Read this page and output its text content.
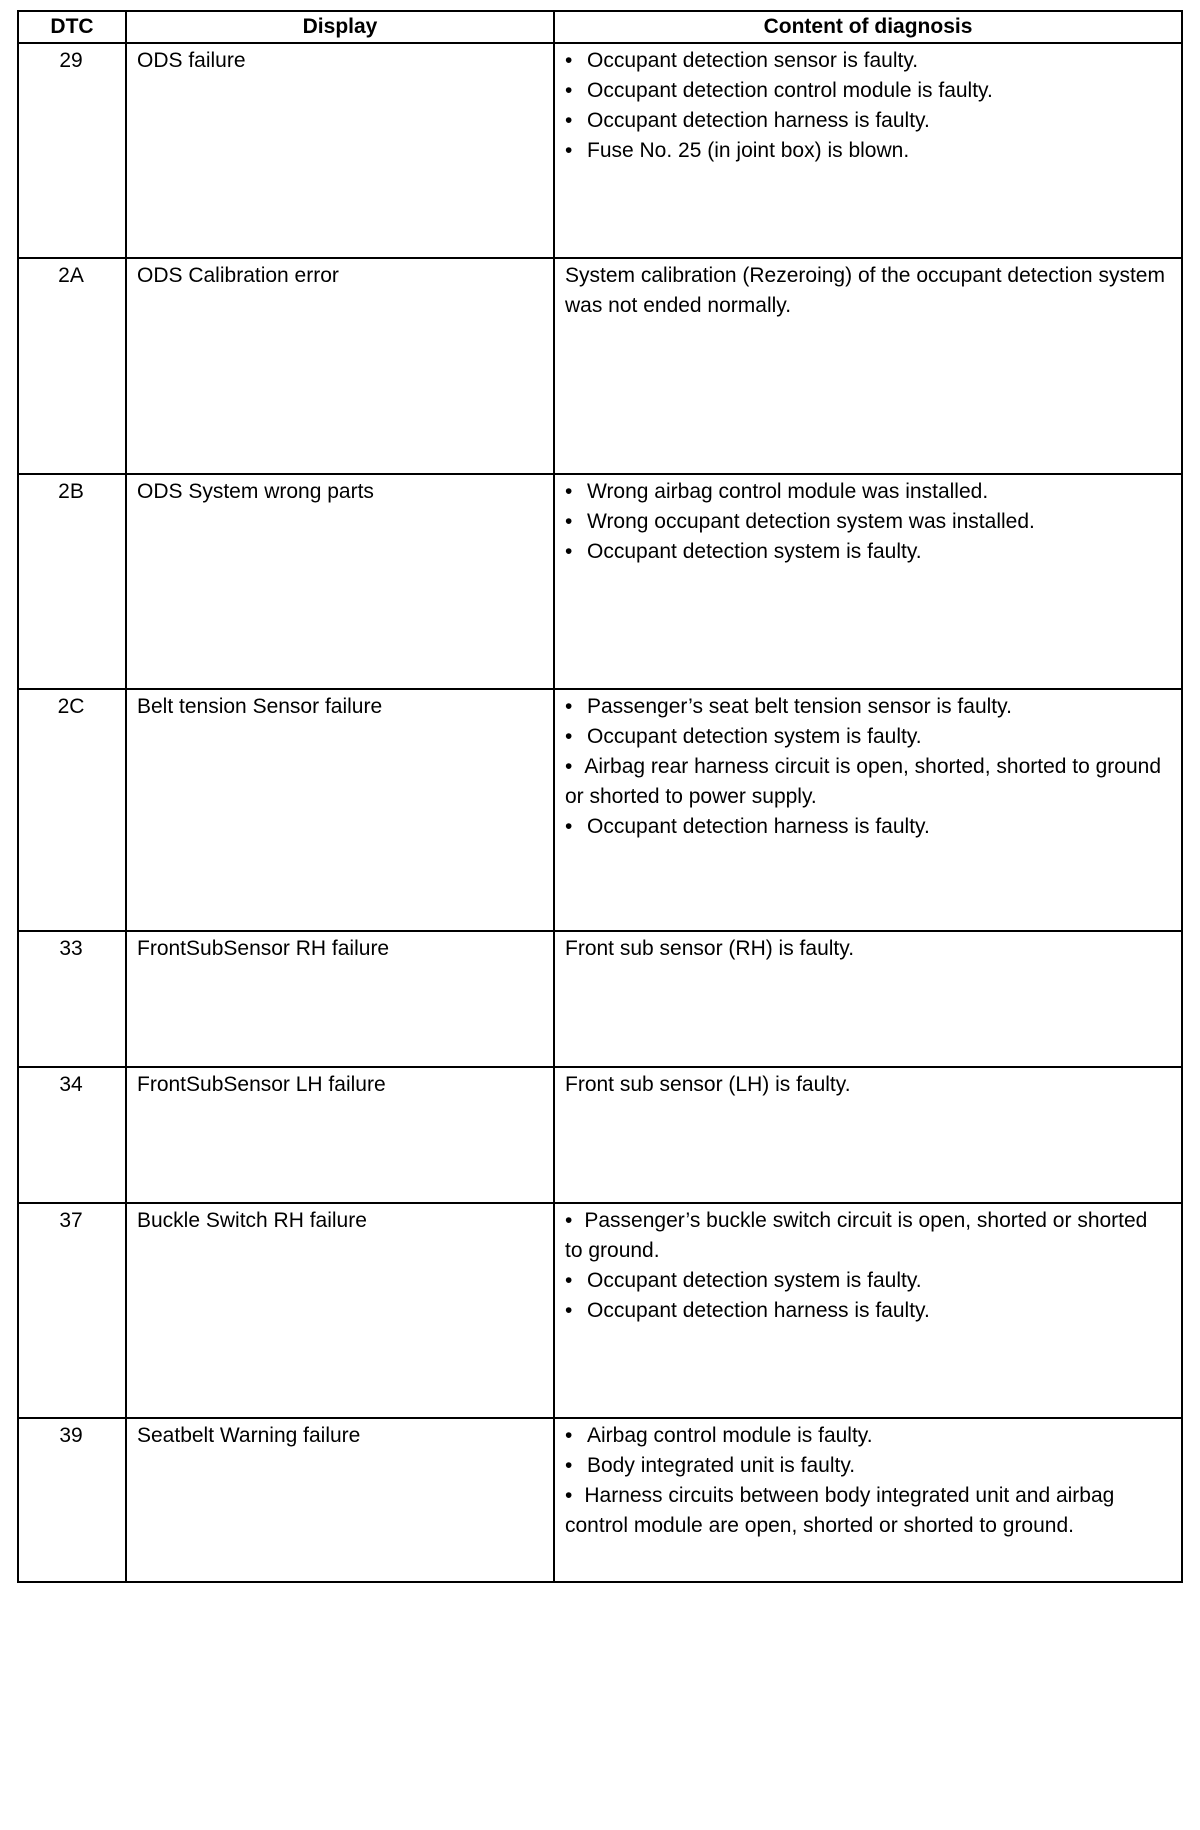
DTC	Display	Content of diagnosis
29	ODS failure	• Occupant detection sensor is faulty.
• Occupant detection control module is faulty.
• Occupant detection harness is faulty.
• Fuse No. 25 (in joint box) is blown.

2A	ODS Calibration error	System calibration (Rezeroing) of the occupant detection system was not ended normally.

2B	ODS System wrong parts	• Wrong airbag control module was installed.
• Wrong occupant detection system was installed.
• Occupant detection system is faulty.

2C	Belt tension Sensor failure	• Passenger’s seat belt tension sensor is faulty.
• Occupant detection system is faulty.
• Airbag rear harness circuit is open, shorted, shorted to ground or shorted to power supply.
• Occupant detection harness is faulty.

33	FrontSubSensor RH failure	Front sub sensor (RH) is faulty.

34	FrontSubSensor LH failure	Front sub sensor (LH) is faulty.

37	Buckle Switch RH failure	• Passenger’s buckle switch circuit is open, shorted or shorted to ground.
• Occupant detection system is faulty.
• Occupant detection harness is faulty.

39	Seatbelt Warning failure	• Airbag control module is faulty.
• Body integrated unit is faulty.
• Harness circuits between body integrated unit and airbag control module are open, shorted or shorted to ground.
